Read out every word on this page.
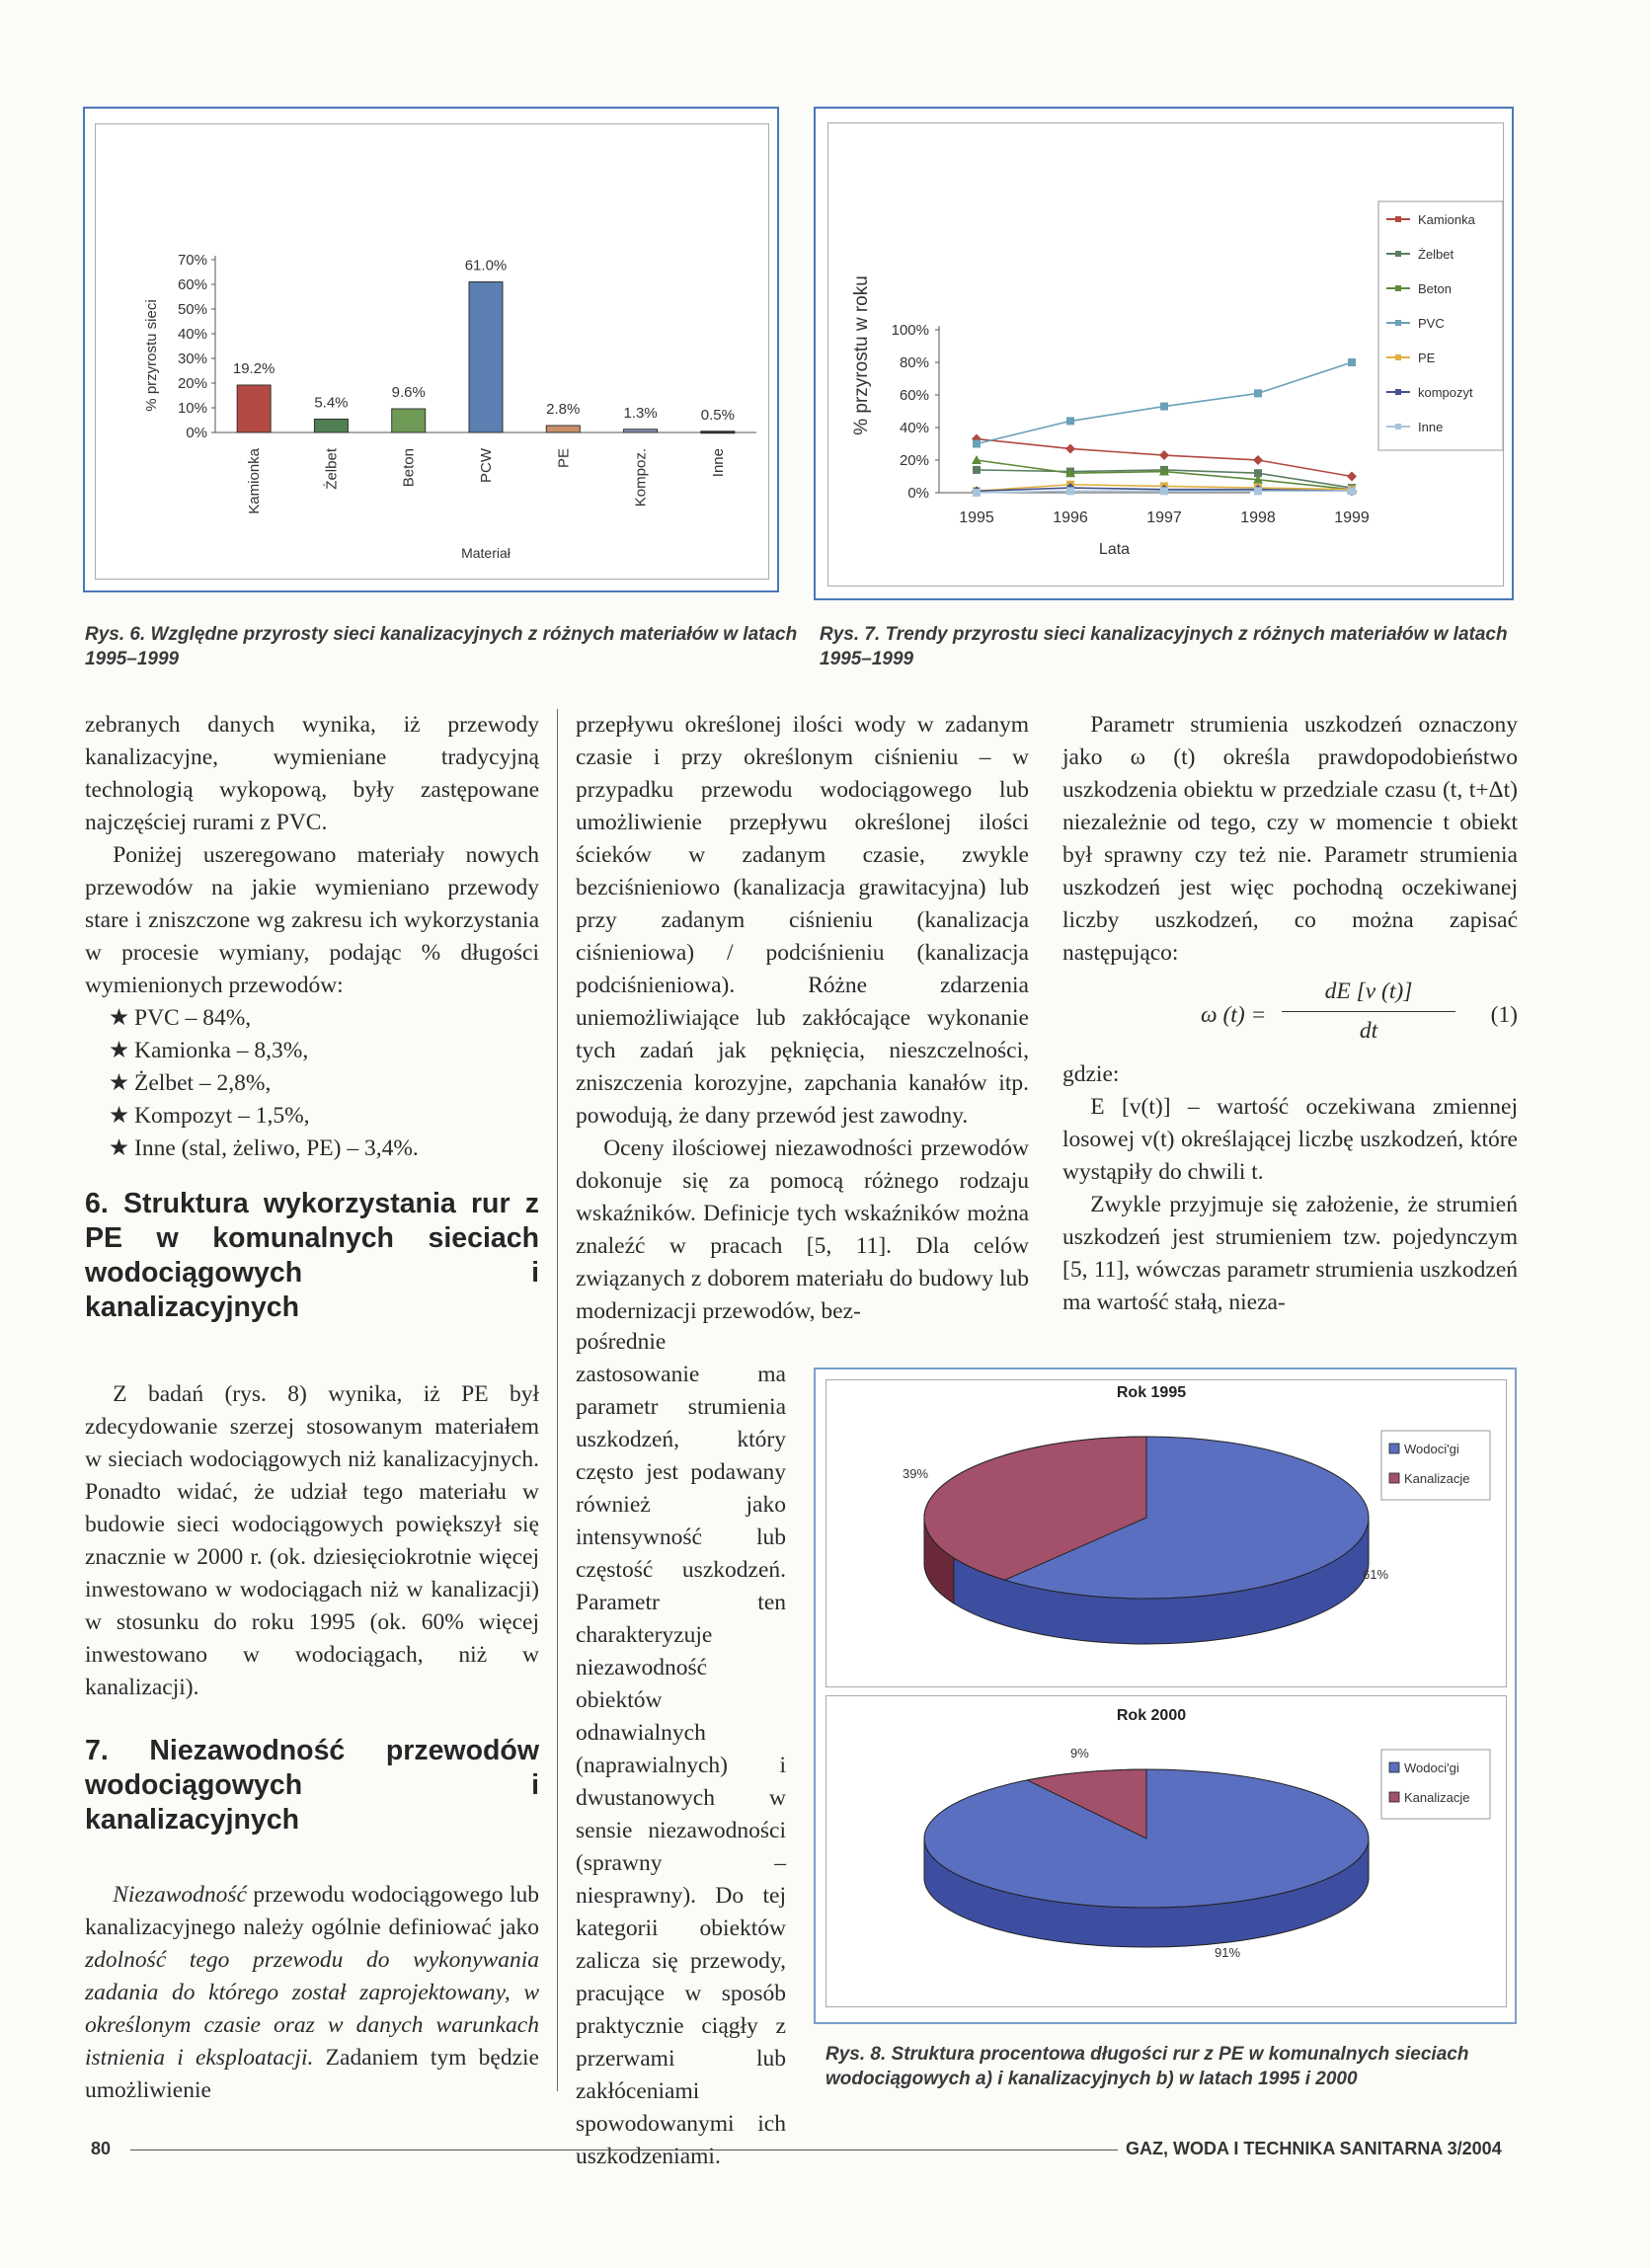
0%
10%
20%
30%
40%
50%
60%
70%
% przyrostu sieci	19.2%
Kamionka
5.4%
Żelbet
9.6%
Beton
61.0%
PCW
2.8%
PE
1.3%
Kompoz.
0.5%
Inne
Materiał
Rys. 6. Względne przyrosty sieci kanalizacyjnych z różnych materiałów w latach 1995–1999
0%
20%
40%
60%
80%
100%
1995	1996	1997	1998	1999
% przyrostu w roku
Lata
Kamionka
Żelbet
Beton
PVC
PE
kompozyt
Inne
Rys. 7. Trendy przyrostu sieci kanalizacyjnych z różnych materiałów w latach 1995–1999

zebranych danych wynika, iż przewody kanalizacyjne, wymieniane tradycyjną technologią wykopową, były zastępowane najczęściej rurami z PVC.

Poniżej uszeregowano materiały nowych przewodów na jakie wymieniano przewody stare i zniszczone wg zakresu ich wykorzystania w procesie wymiany, podając % długości wymienionych przewodów:

★ PVC – 84%,
★ Kamionka – 8,3%,
★ Żelbet – 2,8%,
★ Kompozyt – 1,5%,
★ Inne (stal, żeliwo, PE) – 3,4%.
6. Struktura wykorzystania rur z PE w komunalnych sieciach wodociągowych i kanalizacyjnych

Z badań (rys. 8) wynika, iż PE był zdecydowanie szerzej stosowanym materiałem w sieciach wodociągowych niż kanalizacyjnych. Ponadto widać, że udział tego materiału w budowie sieci wodociągowych powiększył się znacznie w 2000 r. (ok. dziesięciokrotnie więcej inwestowano w wodociągach niż w kanalizacji) w stosunku do roku 1995 (ok. 60% więcej inwestowano w wodociągach, niż w kanalizacji).

7. Niezawodność przewodów wodociągowych i kanalizacyjnych

Niezawodność przewodu wodociągowego lub kanalizacyjnego należy ogólnie definiować jako zdolność tego przewodu do wykonywania zadania do którego został zaprojektowany, w określonym czasie oraz w danych warunkach istnienia i eksploatacji. Zadaniem tym będzie umożliwienie

przepływu określonej ilości wody w zadanym czasie i przy określonym ciśnieniu – w przypadku przewodu wodociągowego lub umożliwienie przepływu określonej ilości ścieków w zadanym czasie, zwykle bezciśnieniowo (kanalizacja grawitacyjna) lub przy zadanym ciśnieniu (kanalizacja ciśnieniowa) / podciśnieniu (kanalizacja podciśnieniowa). Różne zdarzenia uniemożliwiające lub zakłócające wykonanie tych zadań jak pęknięcia, nieszczelności, zniszczenia korozyjne, zapchania kanałów itp. powodują, że dany przewód jest zawodny.

Oceny ilościowej niezawodności przewodów dokonuje się za pomocą różnego rodzaju wskaźników. Definicje tych wskaźników można znaleźć w pracach [5, 11]. Dla celów związanych z doborem materiału do budowy lub modernizacji przewodów, bez-

pośrednie zastosowanie ma parametr strumienia uszkodzeń, który często jest podawany również jako intensywność lub częstość uszkodzeń. Parametr ten charakteryzuje niezawodność obiektów odnawialnych (naprawialnych) i dwustanowych w sensie niezawodności (sprawny – niesprawny). Do tej kategorii obiektów zalicza się przewody, pracujące w sposób praktycznie ciągły z przerwami lub zakłóceniami spowodowanymi ich uszkodzeniami.

Parametr strumienia uszkodzeń oznaczony jako ω (t) określa prawdopodobieństwo uszkodzenia obiektu w przedziale czasu (t, t+Δt) niezależnie od tego, czy w momencie t obiekt był sprawny czy też nie. Parametr strumienia uszkodzeń jest więc pochodną oczekiwanej liczby uszkodzeń, co można zapisać następująco:

ω (t) =
dE [v (t)]
dt
(1)

gdzie:

E [v(t)] – wartość oczekiwana zmiennej losowej v(t) określającej liczbę uszkodzeń, które wystąpiły do chwili t.

Zwykle przyjmuje się założenie, że strumień uszkodzeń jest strumieniem tzw. pojedynczym [5, 11], wówczas parametr strumienia uszkodzeń ma wartość stałą, nieza-

Rok 1995
39%
61%
Wodoci'gi
Kanalizacje
Rok 2000
9%
91%
Wodoci'gi
Kanalizacje
Rys. 8. Struktura procentowa długości rur z PE w komunalnych sieciach wodociągowych a) i kanalizacyjnych b) w latach 1995 i 2000
80	GAZ, WODA I TECHNIKA SANITARNA 3/2004
